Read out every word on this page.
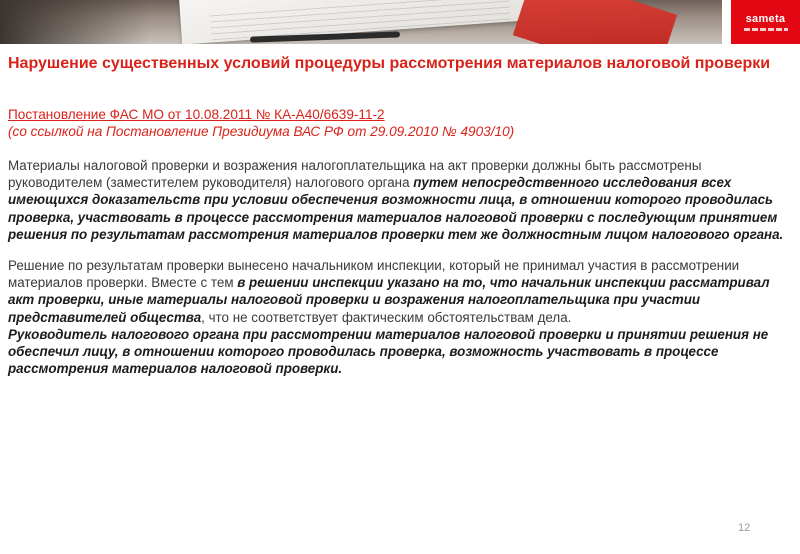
sameta
Нарушение существенных условий процедуры рассмотрения материалов налоговой проверки
Постановление ФАС МО от 10.08.2011 № КА-А40/6639-11-2
(со ссылкой на Постановление Президиума ВАС РФ от 29.09.2010 № 4903/10)

Материалы налоговой проверки и возражения налогоплательщика на акт проверки должны быть рассмотрены руководителем (заместителем руководителя) налогового органа путем непосредственного исследования всех имеющихся доказательств при условии обеспечения возможности лица, в отношении которого проводилась проверка, участвовать в процессе рассмотрения материалов налоговой проверки с последующим принятием решения по результатам рассмотрения материалов проверки тем же должностным лицом налогового органа.

Решение по результатам проверки вынесено начальником инспекции, который не принимал участия в рассмотрении материалов проверки. Вместе с тем в решении инспекции указано на то, что начальник инспекции рассматривал акт проверки, иные материалы налоговой проверки и возражения налогоплательщика при участии представителей общества, что не соответствует фактическим обстоятельствам дела.

Руководитель налогового органа при рассмотрении материалов налоговой проверки и принятии решения не обеспечил лицу, в отношении которого проводилась проверка, возможность участвовать в процессе рассмотрения материалов налоговой проверки.

12
